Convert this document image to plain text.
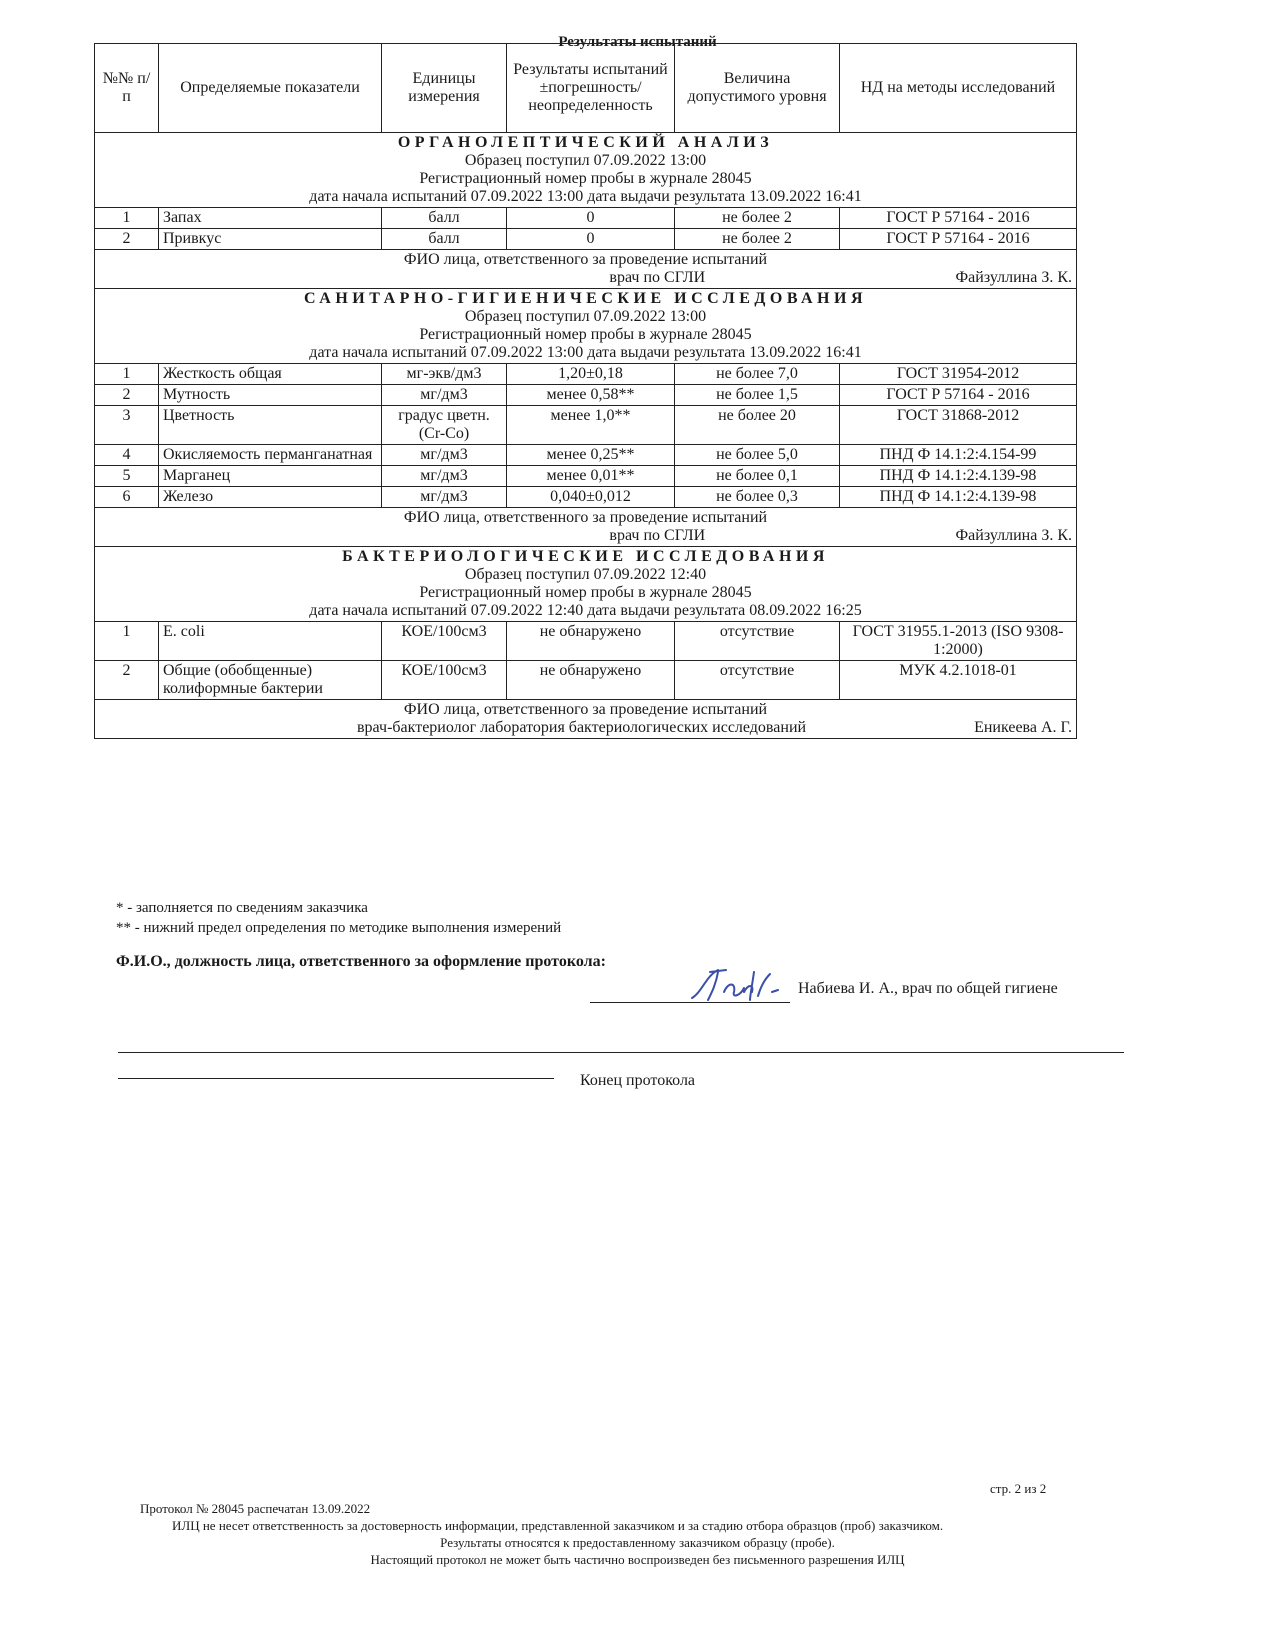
Результаты испытаний
№№ п/п	Определяемые показатели	Единицы измерения	Результаты испытаний ±погрешность/ неопределенность	Величина допустимого уровня	НД на методы исследований

ОРГАНОЛЕПТИЧЕСКИЙ АНАЛИЗ
Образец поступил 07.09.2022 13:00
Регистрационный номер пробы в журнале 28045
дата начала испытаний 07.09.2022 13:00 дата выдачи результата 13.09.2022 16:41					

1	Запах	балл	0	не более 2	ГОСТ Р 57164 - 2016
2	Привкус	балл	0	не более 2	ГОСТ Р 57164 - 2016

ФИО лица, ответственного за проведение испытаний
врач по СГЛИ Файзуллина З. К.					

САНИТАРНО-ГИГИЕНИЧЕСКИЕ ИССЛЕДОВАНИЯ
Образец поступил 07.09.2022 13:00
Регистрационный номер пробы в журнале 28045
дата начала испытаний 07.09.2022 13:00 дата выдачи результата 13.09.2022 16:41					

1	Жесткость общая	мг-экв/дм3	1,20±0,18	не более 7,0	ГОСТ 31954-2012
2	Мутность	мг/дм3	менее 0,58**	не более 1,5	ГОСТ Р 57164 - 2016
3	Цветность	градус цветн.(Cr-Co)	менее 1,0**	не более 20	ГОСТ 31868-2012
4	Окисляемость перманганатная	мг/дм3	менее 0,25**	не более 5,0	ПНД Ф 14.1:2:4.154-99
5	Марганец	мг/дм3	менее 0,01**	не более 0,1	ПНД Ф 14.1:2:4.139-98
6	Железо	мг/дм3	0,040±0,012	не более 0,3	ПНД Ф 14.1:2:4.139-98

ФИО лица, ответственного за проведение испытаний
врач по СГЛИ Файзуллина З. К.					

БАКТЕРИОЛОГИЧЕСКИЕ ИССЛЕДОВАНИЯ
Образец поступил 07.09.2022 12:40
Регистрационный номер пробы в журнале 28045
дата начала испытаний 07.09.2022 12:40 дата выдачи результата 08.09.2022 16:25					

1	E. coli	КОЕ/100см3	не обнаружено	отсутствие	ГОСТ 31955.1-2013 (ISO 9308-1:2000)
2	Общие (обобщенные) колиформные бактерии	КОЕ/100см3	не обнаружено	отсутствие	МУК 4.2.1018-01

ФИО лица, ответственного за проведение испытаний
врач-бактериолог лаборатория бактериологических исследований Еникеева А. Г.					
* - заполняется по сведениям заказчика
** - нижний предел определения по методике выполнения измерений
Ф.И.О., должность лица, ответственного за оформление протокола:
Набиева И. А., врач по общей гигиене
Конец протокола
стр. 2 из 2
Протокол № 28045 распечатан 13.09.2022
ИЛЦ не несет ответственность за достоверность информации, представленной заказчиком и за стадию отбора образцов (проб) заказчиком.
Результаты относятся к предоставленному заказчиком образцу (пробе).
Настоящий протокол не может быть частично воспроизведен без письменного разрешения ИЛЦ
